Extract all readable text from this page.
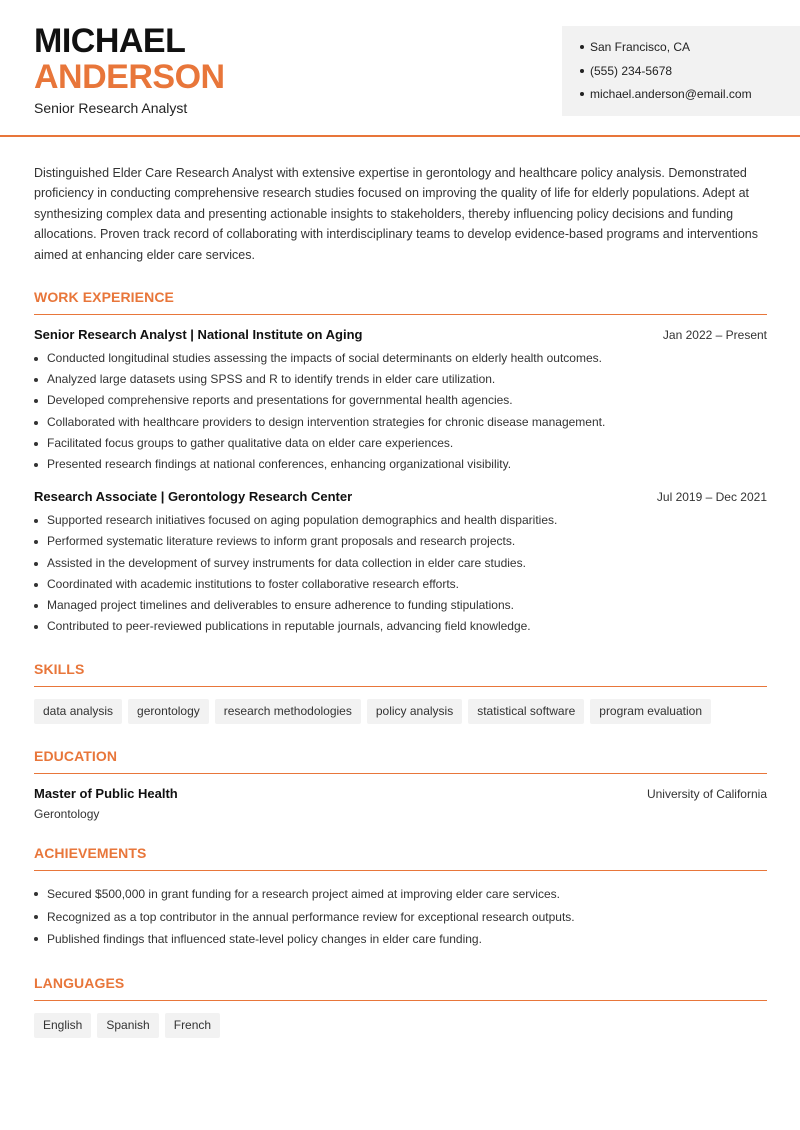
MICHAEL
ANDERSON
Senior Research Analyst
San Francisco, CA
(555) 234-5678
michael.anderson@email.com

Distinguished Elder Care Research Analyst with extensive expertise in gerontology and healthcare policy analysis. Demonstrated proficiency in conducting comprehensive research studies focused on improving the quality of life for elderly populations. Adept at synthesizing complex data and presenting actionable insights to stakeholders, thereby influencing policy decisions and funding allocations. Proven track record of collaborating with interdisciplinary teams to develop evidence-based programs and interventions aimed at enhancing elder care services.

WORK EXPERIENCE
Senior Research Analyst | National Institute on Aging	Jan 2022 – Present
Conducted longitudinal studies assessing the impacts of social determinants on elderly health outcomes.
Analyzed large datasets using SPSS and R to identify trends in elder care utilization.
Developed comprehensive reports and presentations for governmental health agencies.
Collaborated with healthcare providers to design intervention strategies for chronic disease management.
Facilitated focus groups to gather qualitative data on elder care experiences.
Presented research findings at national conferences, enhancing organizational visibility.
Research Associate | Gerontology Research Center	Jul 2019 – Dec 2021
Supported research initiatives focused on aging population demographics and health disparities.
Performed systematic literature reviews to inform grant proposals and research projects.
Assisted in the development of survey instruments for data collection in elder care studies.
Coordinated with academic institutions to foster collaborative research efforts.
Managed project timelines and deliverables to ensure adherence to funding stipulations.
Contributed to peer-reviewed publications in reputable journals, advancing field knowledge.
SKILLS
data analysis	gerontology	research methodologies	policy analysis	statistical software	program evaluation
EDUCATION
Master of Public Health	University of California
Gerontology
ACHIEVEMENTS
Secured $500,000 in grant funding for a research project aimed at improving elder care services.
Recognized as a top contributor in the annual performance review for exceptional research outputs.
Published findings that influenced state-level policy changes in elder care funding.
LANGUAGES
English	Spanish	French
